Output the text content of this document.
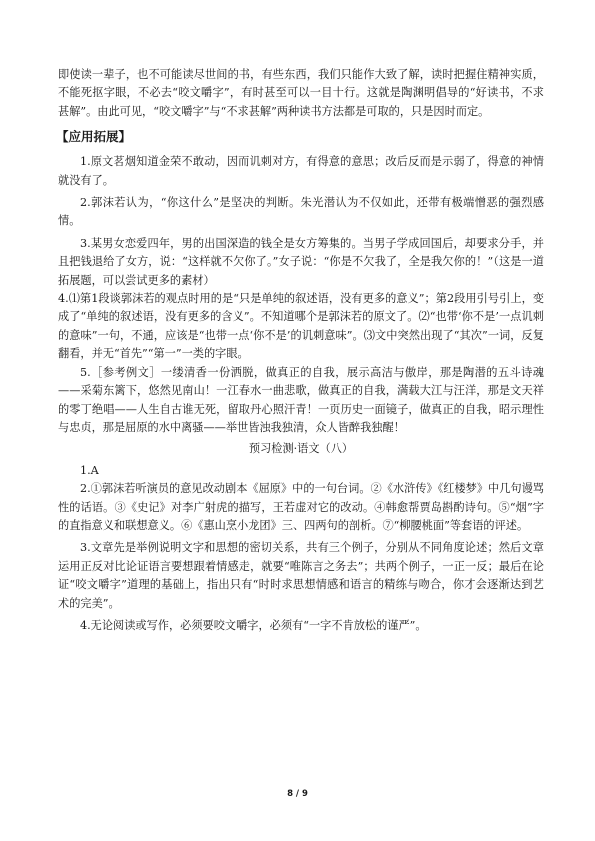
即使读一辈子，也不可能读尽世间的书，有些东西，我们只能作大致了解，读时把握住精神实质，不能死抠字眼，不必去“咬文嚼字”，有时甚至可以一目十行。这就是陶渊明倡导的“好读书，不求甚解”。由此可见，“咬文嚼字”与“不求甚解”两种读书方法都是可取的，只是因时而定。

【应用拓展】

1.原文茗烟知道金荣不敢动，因而讥刺对方，有得意的意思；改后反而是示弱了，得意的神情就没有了。

2.郭沫若认为，“你这什么”是坚决的判断。朱光潜认为不仅如此，还带有极端憎恶的强烈感情。

3.某男女恋爱四年，男的出国深造的钱全是女方筹集的。当男子学成回国后，却要求分手，并且把钱退给了女方，说：“这样就不欠你了。”女子说：“你是不欠我了，全是我欠你的！”（这是一道拓展题，可以尝试更多的素材）

4.⑴第1段谈郭沫若的观点时用的是“只是单纯的叙述语，没有更多的意义”；第2段用引号引上，变成了“单纯的叙述语，没有更多的含义”。不知道哪个是郭沫若的原文了。⑵“也带‘你不是’一点讥刺的意味”一句，不通，应该是“也带一点‘你不是’的讥刺意味”。⑶文中突然出现了“其次”一词，反复翻看，并无“首先”“第一”一类的字眼。

5.［参考例文］一缕清香一份洒脱，做真正的自我，展示高洁与傲岸，那是陶潜的五斗诗魂——采菊东篱下，悠然见南山！一江春水一曲悲歌，做真正的自我，满载大江与汪洋，那是文天祥的零丁绝唱——人生自古谁无死，留取丹心照汗青！一页历史一面镜子，做真正的自我，昭示理性与忠贞，那是屈原的水中离骚——举世皆浊我独清，众人皆醉我独醒！

预习检测·语文（八）

1.A

2.①郭沫若听演员的意见改动剧本《屈原》中的一句台词。②《水浒传》《红楼梦》中几句谩骂性的话语。③《史记》对李广射虎的描写，王若虚对它的改动。④韩愈帮贾岛斟酌诗句。⑤“烟”字的直指意义和联想意义。⑥《惠山烹小龙团》三、四两句的剖析。⑦“柳腰桃面”等套语的评述。

3.文章先是举例说明文字和思想的密切关系，共有三个例子，分别从不同角度论述；然后文章运用正反对比论证语言要想跟着情感走，就要“唯陈言之务去”；共两个例子，一正一反；最后在论证“咬文嚼字”道理的基础上，指出只有“时时求思想情感和语言的精练与吻合，你才会逐渐达到艺术的完美”。

4.无论阅读或写作，必须要咬文嚼字，必须有“一字不肯放松的谨严”。

8 / 9
